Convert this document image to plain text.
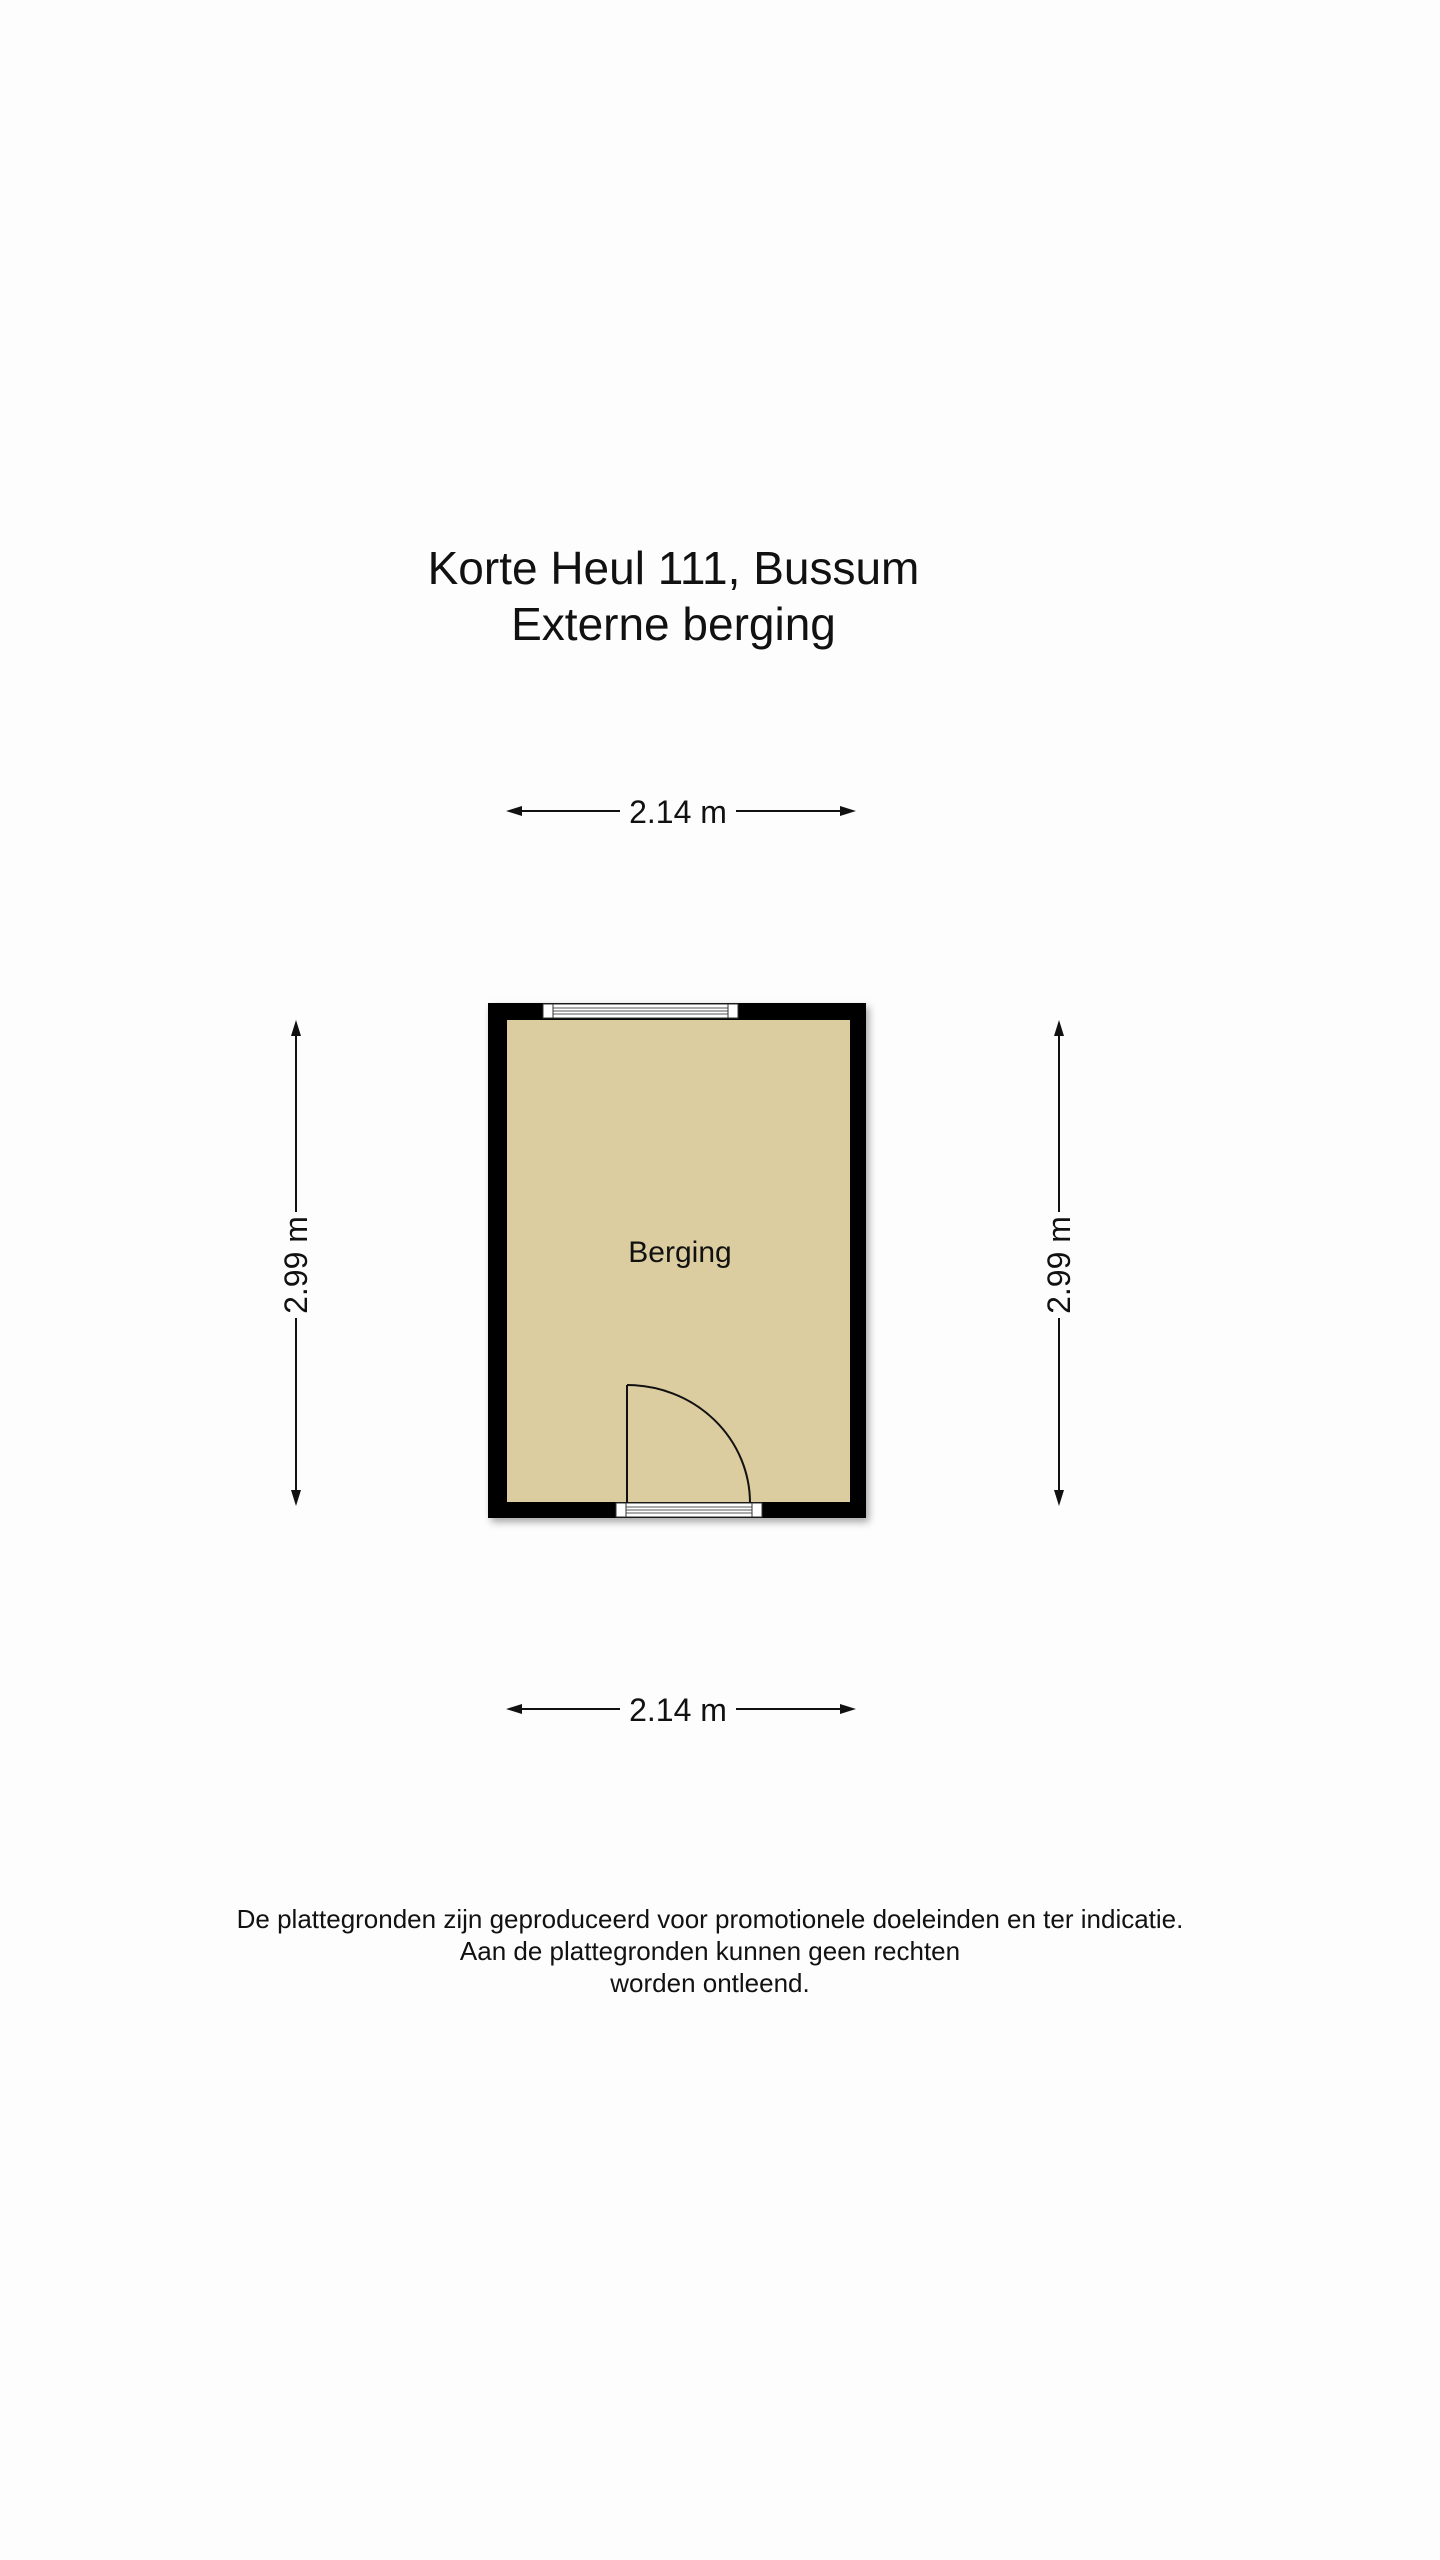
Korte Heul 111, Bussum
Externe berging
2.14 m
2.99 m	2.99 m
Berging
2.14 m
De plattegronden zijn geproduceerd voor promotionele doeleinden en ter indicatie.
Aan de plattegronden kunnen geen rechten
worden ontleend.
